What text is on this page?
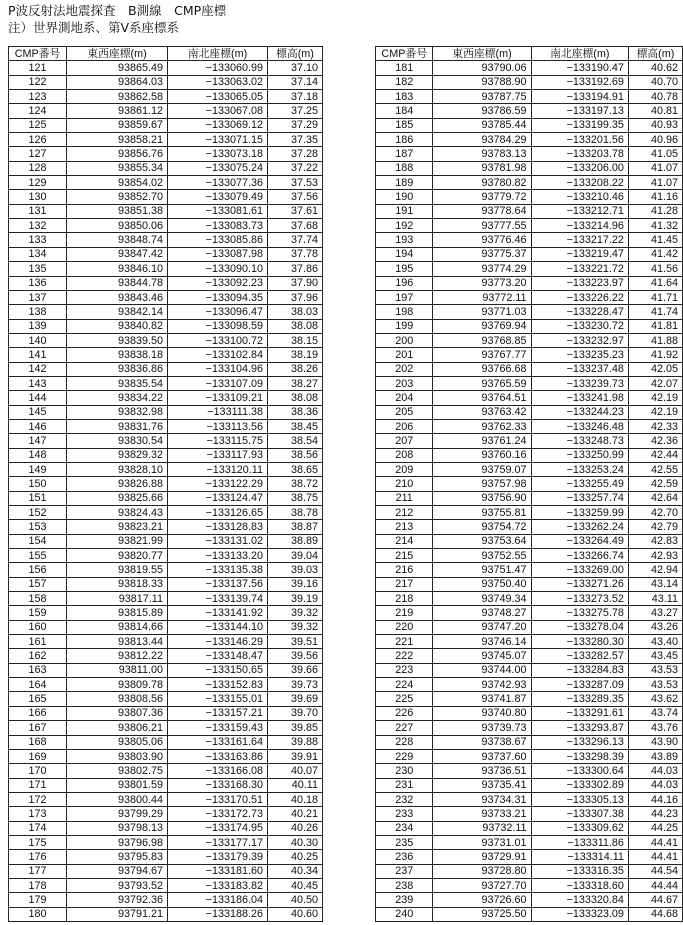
P波反射法地震探査　B測線　CMP座標
注）世界測地系、第Ⅴ系座標系
CMP番号	東西座標(m)	南北座標(m)	標高(m)
121	93865.49	−133060.99	37.10
122	93864.03	−133063.02	37.14
123	93862.58	−133065.05	37.18
124	93861.12	−133067.08	37.25
125	93859.67	−133069.12	37.29
126	93858.21	−133071.15	37.35
127	93856.76	−133073.18	37.28
128	93855.34	−133075.24	37.22
129	93854.02	−133077.36	37.53
130	93852.70	−133079.49	37.56
131	93851.38	−133081.61	37.61
132	93850.06	−133083.73	37.68
133	93848.74	−133085.86	37.74
134	93847.42	−133087.98	37.78
135	93846.10	−133090.10	37.86
136	93844.78	−133092.23	37.90
137	93843.46	−133094.35	37.96
138	93842.14	−133096.47	38.03
139	93840.82	−133098.59	38.08
140	93839.50	−133100.72	38.15
141	93838.18	−133102.84	38.19
142	93836.86	−133104.96	38.26
143	93835.54	−133107.09	38.27
144	93834.22	−133109.21	38.08
145	93832.98	−133111.38	38.36
146	93831.76	−133113.56	38.45
147	93830.54	−133115.75	38.54
148	93829.32	−133117.93	38.56
149	93828.10	−133120.11	38.65
150	93826.88	−133122.29	38.72
151	93825.66	−133124.47	38.75
152	93824.43	−133126.65	38.78
153	93823.21	−133128.83	38.87
154	93821.99	−133131.02	38.89
155	93820.77	−133133.20	39.04
156	93819.55	−133135.38	39.03
157	93818.33	−133137.56	39.16
158	93817.11	−133139.74	39.19
159	93815.89	−133141.92	39.32
160	93814.66	−133144.10	39.32
161	93813.44	−133146.29	39.51
162	93812.22	−133148.47	39.56
163	93811.00	−133150.65	39.66
164	93809.78	−133152.83	39.73
165	93808.56	−133155.01	39.69
166	93807.36	−133157.21	39.70
167	93806.21	−133159.43	39.85
168	93805.06	−133161.64	39.88
169	93803.90	−133163.86	39.91
170	93802.75	−133166.08	40.07
171	93801.59	−133168.30	40.11
172	93800.44	−133170.51	40.18
173	93799.29	−133172.73	40.21
174	93798.13	−133174.95	40.26
175	93796.98	−133177.17	40.30
176	93795.83	−133179.39	40.25
177	93794.67	−133181.60	40.34
178	93793.52	−133183.82	40.45
179	93792.36	−133186.04	40.50
180	93791.21	−133188.26	40.60
CMP番号	東西座標(m)	南北座標(m)	標高(m)
181	93790.06	−133190.47	40.62
182	93788.90	−133192.69	40.70
183	93787.75	−133194.91	40.78
184	93786.59	−133197.13	40.81
185	93785.44	−133199.35	40.93
186	93784.29	−133201.56	40.96
187	93783.13	−133203.78	41.05
188	93781.98	−133206.00	41.07
189	93780.82	−133208.22	41.07
190	93779.72	−133210.46	41.16
191	93778.64	−133212.71	41.28
192	93777.55	−133214.96	41.32
193	93776.46	−133217.22	41.45
194	93775.37	−133219.47	41.42
195	93774.29	−133221.72	41.56
196	93773.20	−133223.97	41.64
197	93772.11	−133226.22	41.71
198	93771.03	−133228.47	41.74
199	93769.94	−133230.72	41.81
200	93768.85	−133232.97	41.88
201	93767.77	−133235.23	41.92
202	93766.68	−133237.48	42.05
203	93765.59	−133239.73	42.07
204	93764.51	−133241.98	42.19
205	93763.42	−133244.23	42.19
206	93762.33	−133246.48	42.33
207	93761.24	−133248.73	42.36
208	93760.16	−133250.99	42.44
209	93759.07	−133253.24	42.55
210	93757.98	−133255.49	42.59
211	93756.90	−133257.74	42.64
212	93755.81	−133259.99	42.70
213	93754.72	−133262.24	42.79
214	93753.64	−133264.49	42.83
215	93752.55	−133266.74	42.93
216	93751.47	−133269.00	42.94
217	93750.40	−133271.26	43.14
218	93749.34	−133273.52	43.11
219	93748.27	−133275.78	43.27
220	93747.20	−133278.04	43.26
221	93746.14	−133280.30	43.40
222	93745.07	−133282.57	43.45
223	93744.00	−133284.83	43.53
224	93742.93	−133287.09	43.53
225	93741.87	−133289.35	43.62
226	93740.80	−133291.61	43.74
227	93739.73	−133293.87	43.76
228	93738.67	−133296.13	43.90
229	93737.60	−133298.39	43.89
230	93736.51	−133300.64	44.03
231	93735.41	−133302.89	44.03
232	93734.31	−133305.13	44.16
233	93733.21	−133307.38	44.23
234	93732.11	−133309.62	44.25
235	93731.01	−133311.86	44.41
236	93729.91	−133314.11	44.41
237	93728.80	−133316.35	44.54
238	93727.70	−133318.60	44.44
239	93726.60	−133320.84	44.67
240	93725.50	−133323.09	44.68
